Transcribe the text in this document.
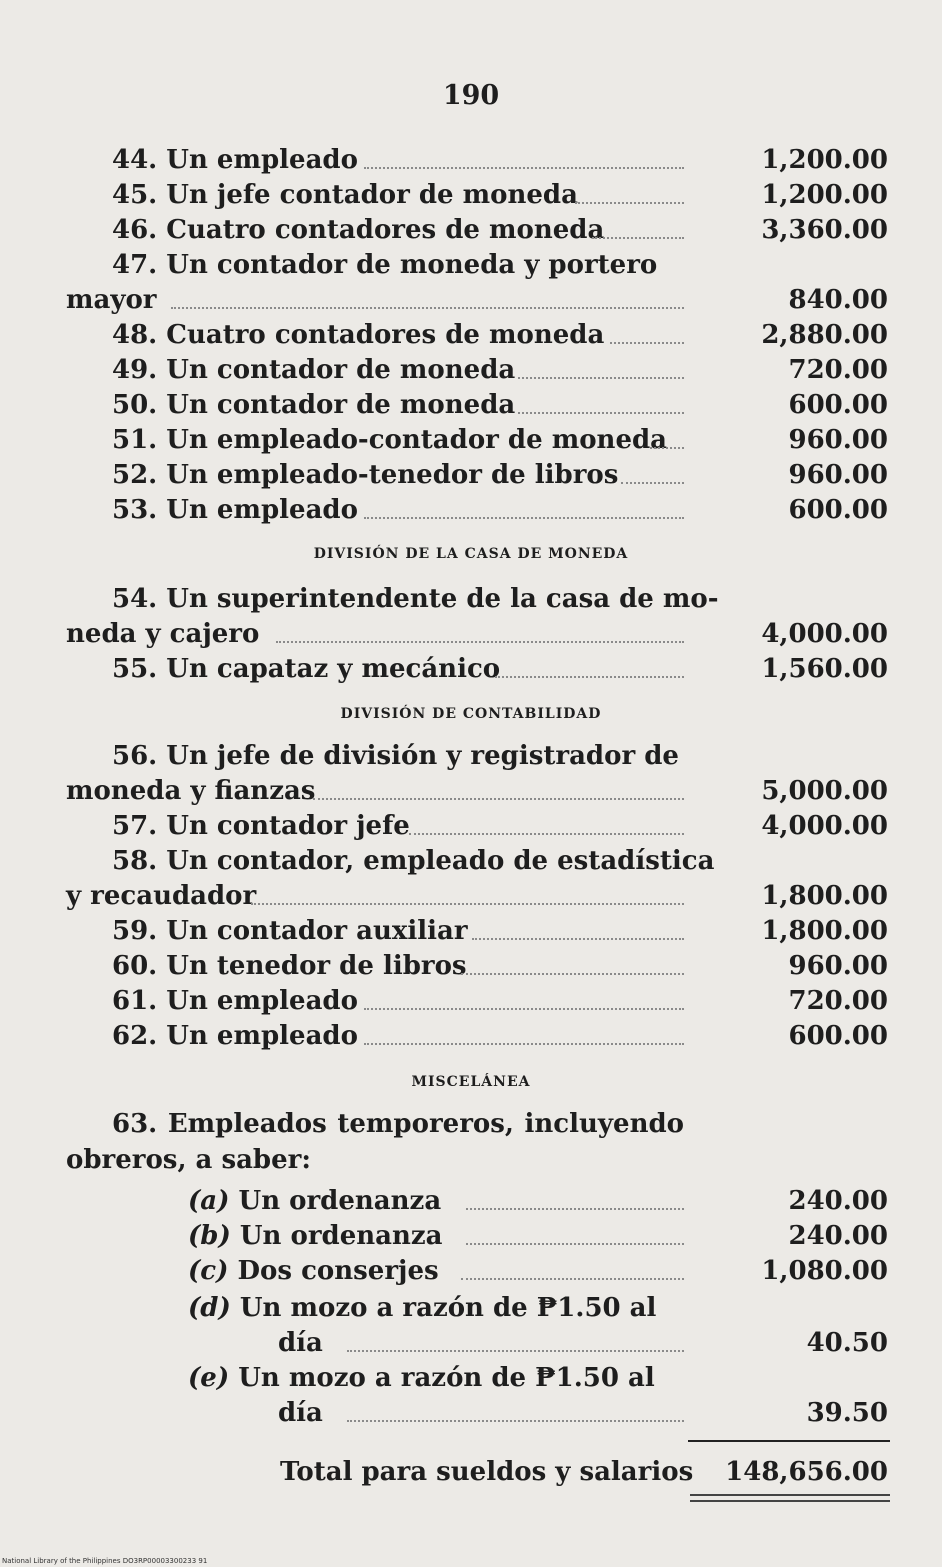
190
44. Un empleado	1,200.00
45. Un jefe contador de moneda	1,200.00
46. Cuatro contadores de moneda	3,360.00
47. Un contador de moneda y portero
mayor	840.00
48. Cuatro contadores de moneda	2,880.00
49. Un contador de moneda	720.00
50. Un contador de moneda	600.00
51. Un empleado-contador de moneda	960.00
52. Un empleado-tenedor de libros	960.00
53. Un empleado	600.00
DIVISIÓN DE LA CASA DE MONEDA
54. Un superintendente de la casa de mo-
neda y cajero	4,000.00
55. Un capataz y mecánico	1,560.00
DIVISIÓN DE CONTABILIDAD
56. Un jefe de división y registrador de
moneda y fianzas	5,000.00
57. Un contador jefe	4,000.00
58. Un contador, empleado de estadística
y recaudador	1,800.00
59. Un contador auxiliar	1,800.00
60. Un tenedor de libros	960.00
61. Un empleado	720.00
62. Un empleado	600.00
MISCELÁNEA
63. Empleados temporeros, incluyendo obreros, a saber:
(a) Un ordenanza	240.00
(b) Un ordenanza	240.00
(c) Dos conserjes	1,080.00
(d) Un mozo a razón de ₱1.50 al
día	40.50
(e) Un mozo a razón de ₱1.50 al
día	39.50
Total para sueldos y salarios	148,656.00
National Library of the Philippines DO3RP00003300233 91
